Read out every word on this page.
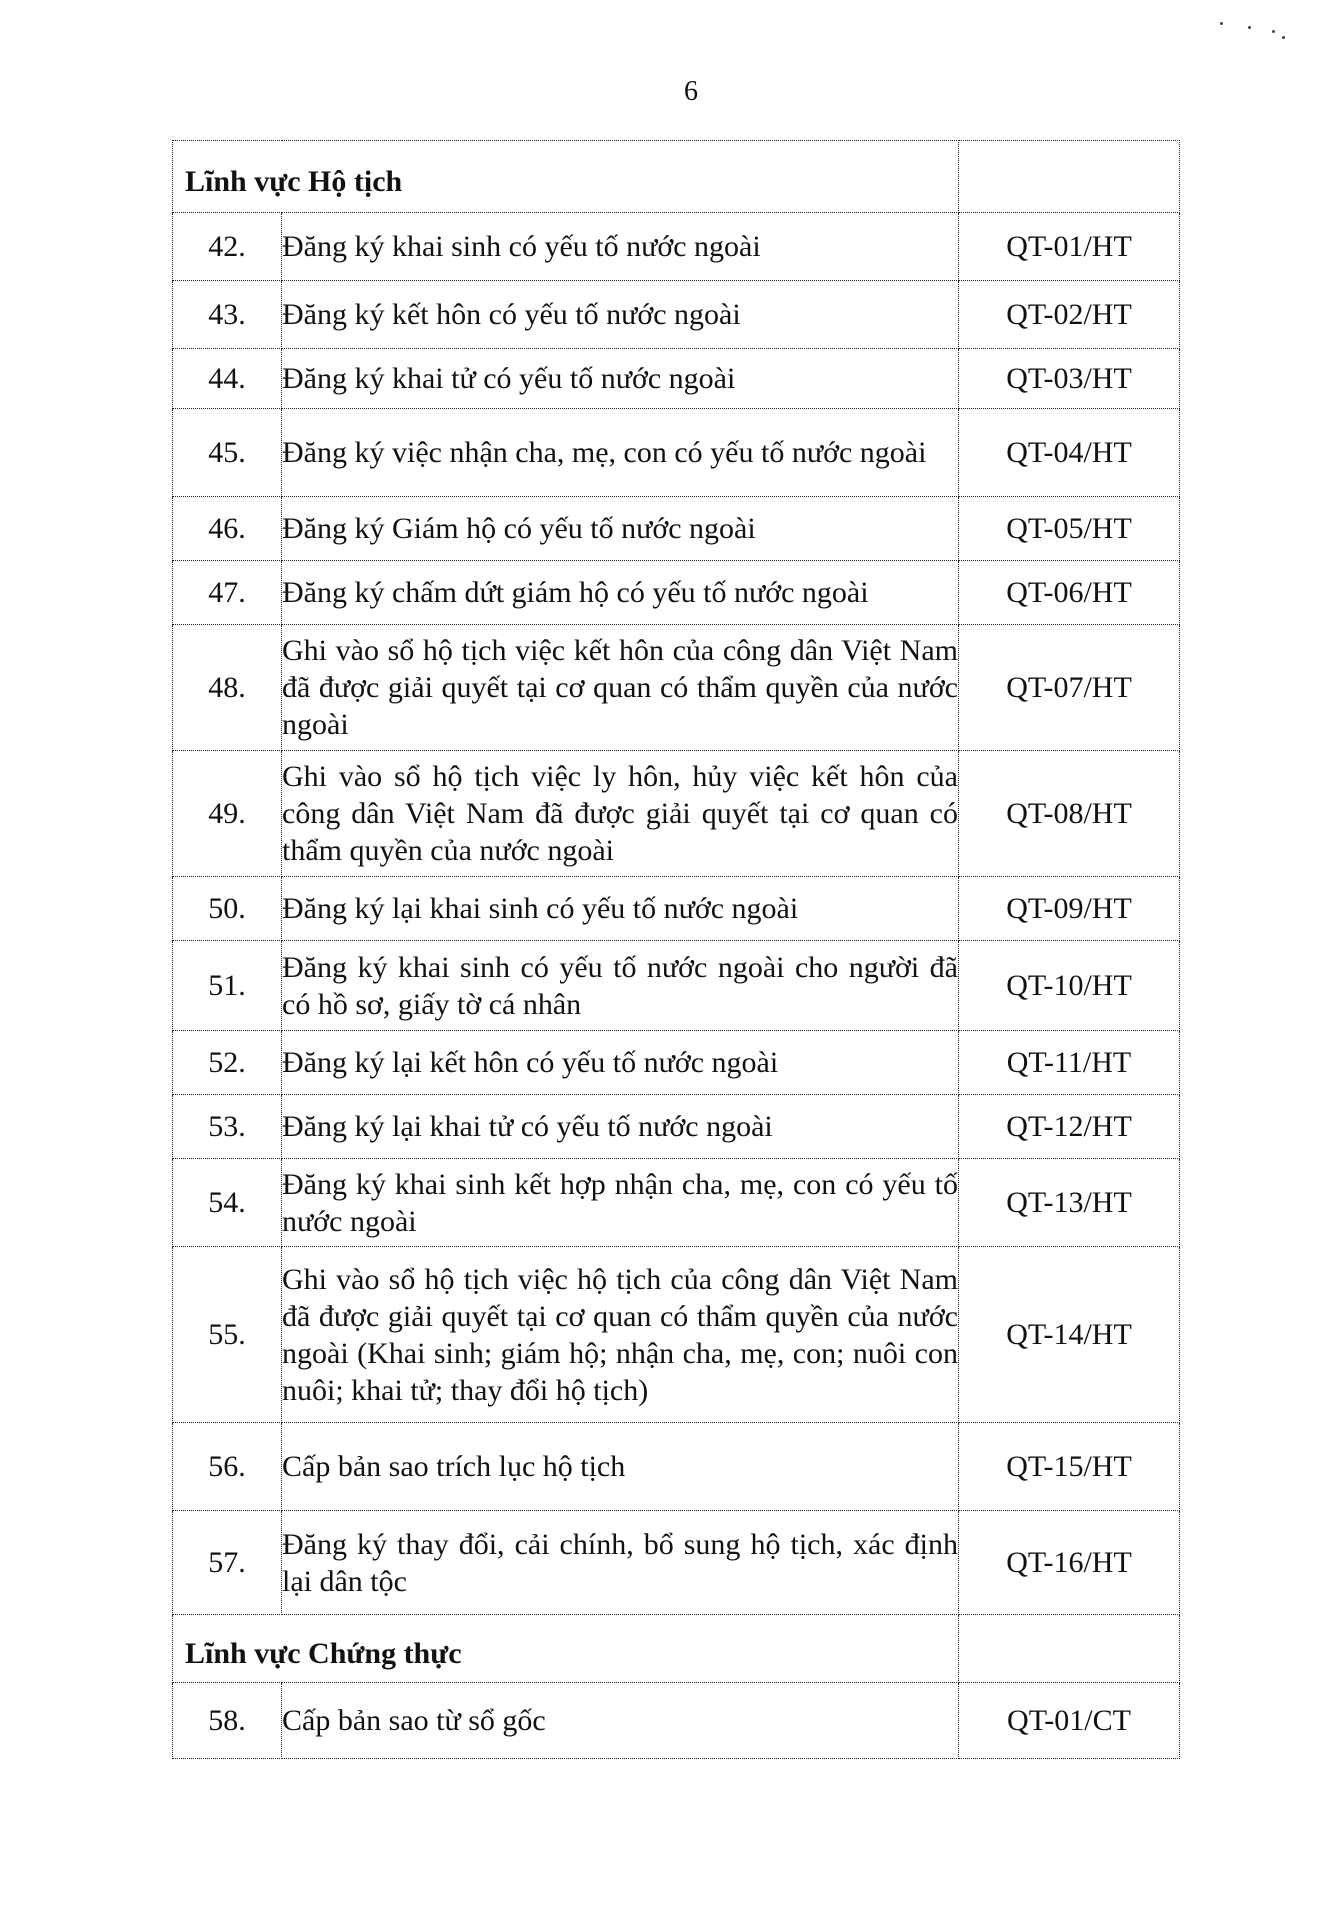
6
Lĩnh vực Hộ tịch		
42.	Đăng ký khai sinh có yếu tố nước ngoài	QT-01/HT
43.	Đăng ký kết hôn có yếu tố nước ngoài	QT-02/HT
44.	Đăng ký khai tử có yếu tố nước ngoài	QT-03/HT
45.	Đăng ký việc nhận cha, mẹ, con có yếu tố nước ngoài	QT-04/HT
46.	Đăng ký Giám hộ có yếu tố nước ngoài	QT-05/HT
47.	Đăng ký chấm dứt giám hộ có yếu tố nước ngoài	QT-06/HT
48.	Ghi vào sổ hộ tịch việc kết hôn của công dân Việt Nam đã được giải quyết tại cơ quan có thẩm quyền của nước ngoài	QT-07/HT
49.	Ghi vào sổ hộ tịch việc ly hôn, hủy việc kết hôn của công dân Việt Nam đã được giải quyết tại cơ quan có thẩm quyền của nước ngoài	QT-08/HT
50.	Đăng ký lại khai sinh có yếu tố nước ngoài	QT-09/HT
51.	Đăng ký khai sinh có yếu tố nước ngoài cho người đã có hồ sơ, giấy tờ cá nhân	QT-10/HT
52.	Đăng ký lại kết hôn có yếu tố nước ngoài	QT-11/HT
53.	Đăng ký lại khai tử có yếu tố nước ngoài	QT-12/HT
54.	Đăng ký khai sinh kết hợp nhận cha, mẹ, con có yếu tố nước ngoài	QT-13/HT
55.	Ghi vào sổ hộ tịch việc hộ tịch của công dân Việt Nam đã được giải quyết tại cơ quan có thẩm quyền của nước ngoài (Khai sinh; giám hộ; nhận cha, mẹ, con; nuôi con nuôi; khai tử; thay đổi hộ tịch)	QT-14/HT
56.	Cấp bản sao trích lục hộ tịch	QT-15/HT
57.	Đăng ký thay đổi, cải chính, bổ sung hộ tịch, xác định lại dân tộc	QT-16/HT
Lĩnh vực Chứng thực		
58.	Cấp bản sao từ sổ gốc	QT-01/CT
